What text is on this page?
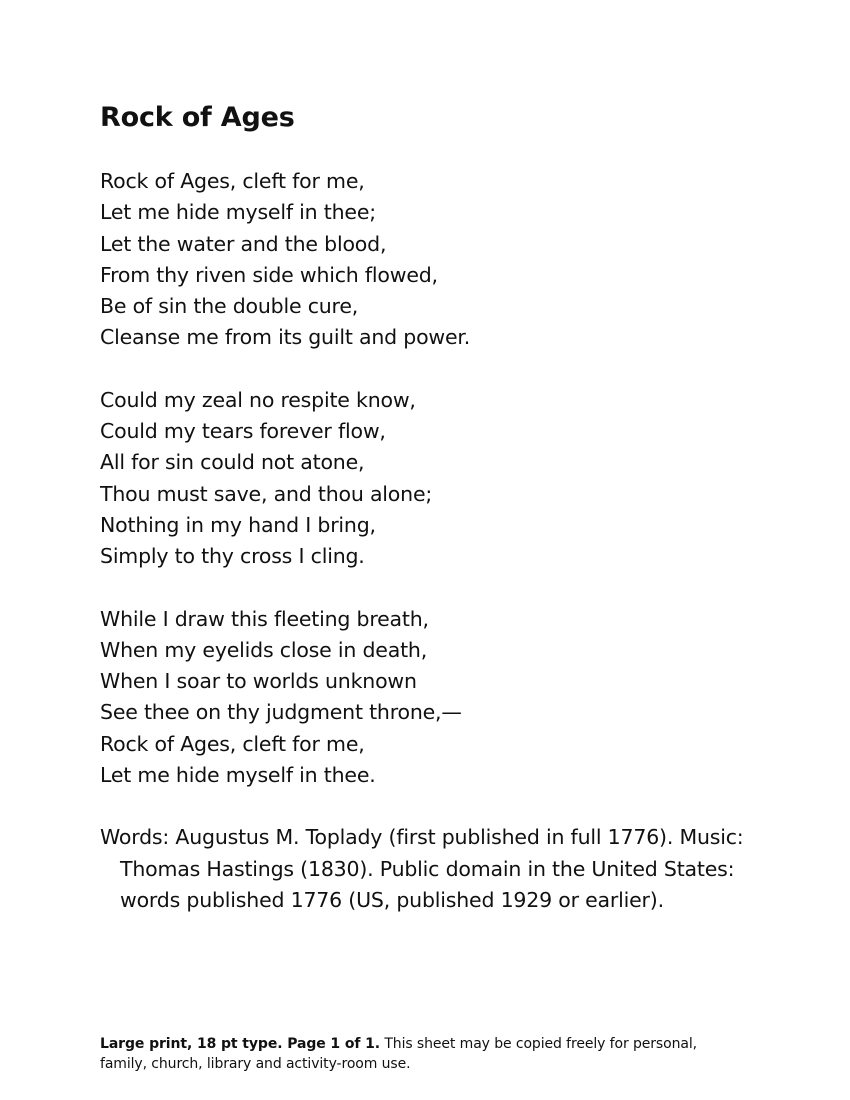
Rock of Ages
Rock of Ages, cleft for me,
Let me hide myself in thee;
Let the water and the blood,
From thy riven side which flowed,
Be of sin the double cure,
Cleanse me from its guilt and power.
Could my zeal no respite know,
Could my tears forever flow,
All for sin could not atone,
Thou must save, and thou alone;
Nothing in my hand I bring,
Simply to thy cross I cling.
While I draw this fleeting breath,
When my eyelids close in death,
When I soar to worlds unknown
See thee on thy judgment throne,—
Rock of Ages, cleft for me,
Let me hide myself in thee.

Words: Augustus M. Toplady (first published in full 1776). Music: Thomas Hastings (1830). Public domain in the United States: words published 1776 (US, published 1929 or earlier).

Large print, 18 pt type. Page 1 of 1. This sheet may be copied freely for personal, family, church, library and activity-room use.
